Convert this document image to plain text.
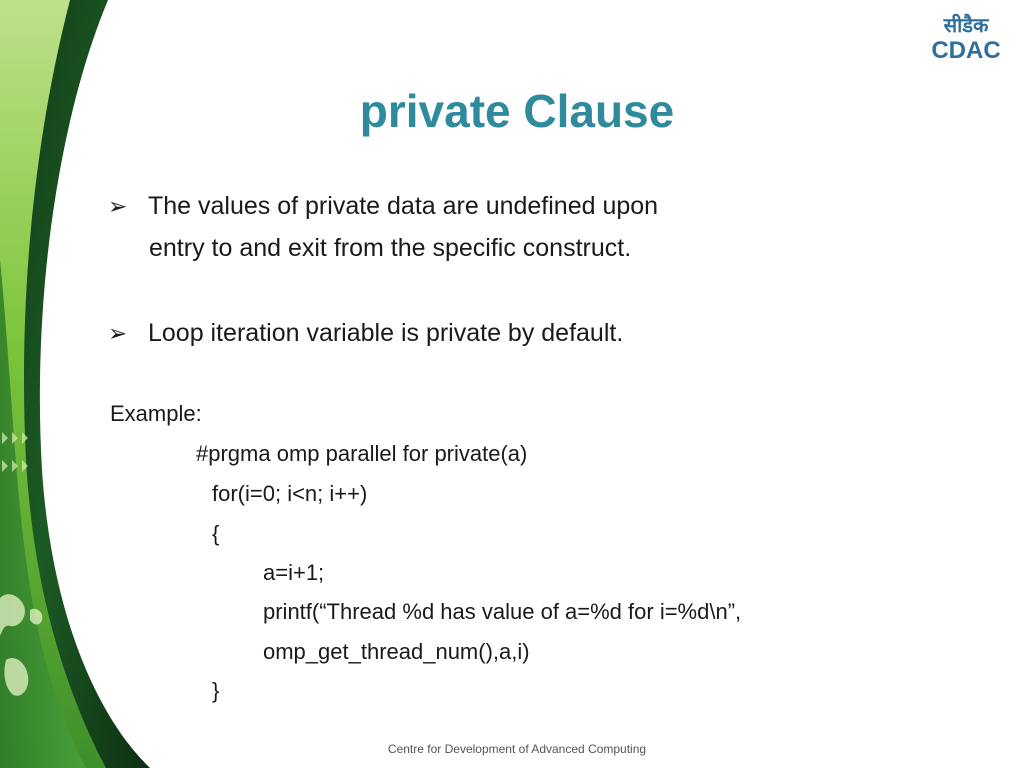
सीडैक
CDAC
private Clause
➢ The values of private data are undefined upon
entry to and exit from the specific construct.
➢ Loop iteration variable is private by default.
Example:
#prgma omp parallel for private(a)
for(i=0; i<n; i++)
{
a=i+1;
printf(“Thread %d has value of a=%d for i=%d\n”,
omp_get_thread_num(),a,i)
}
Centre for Development of Advanced Computing
